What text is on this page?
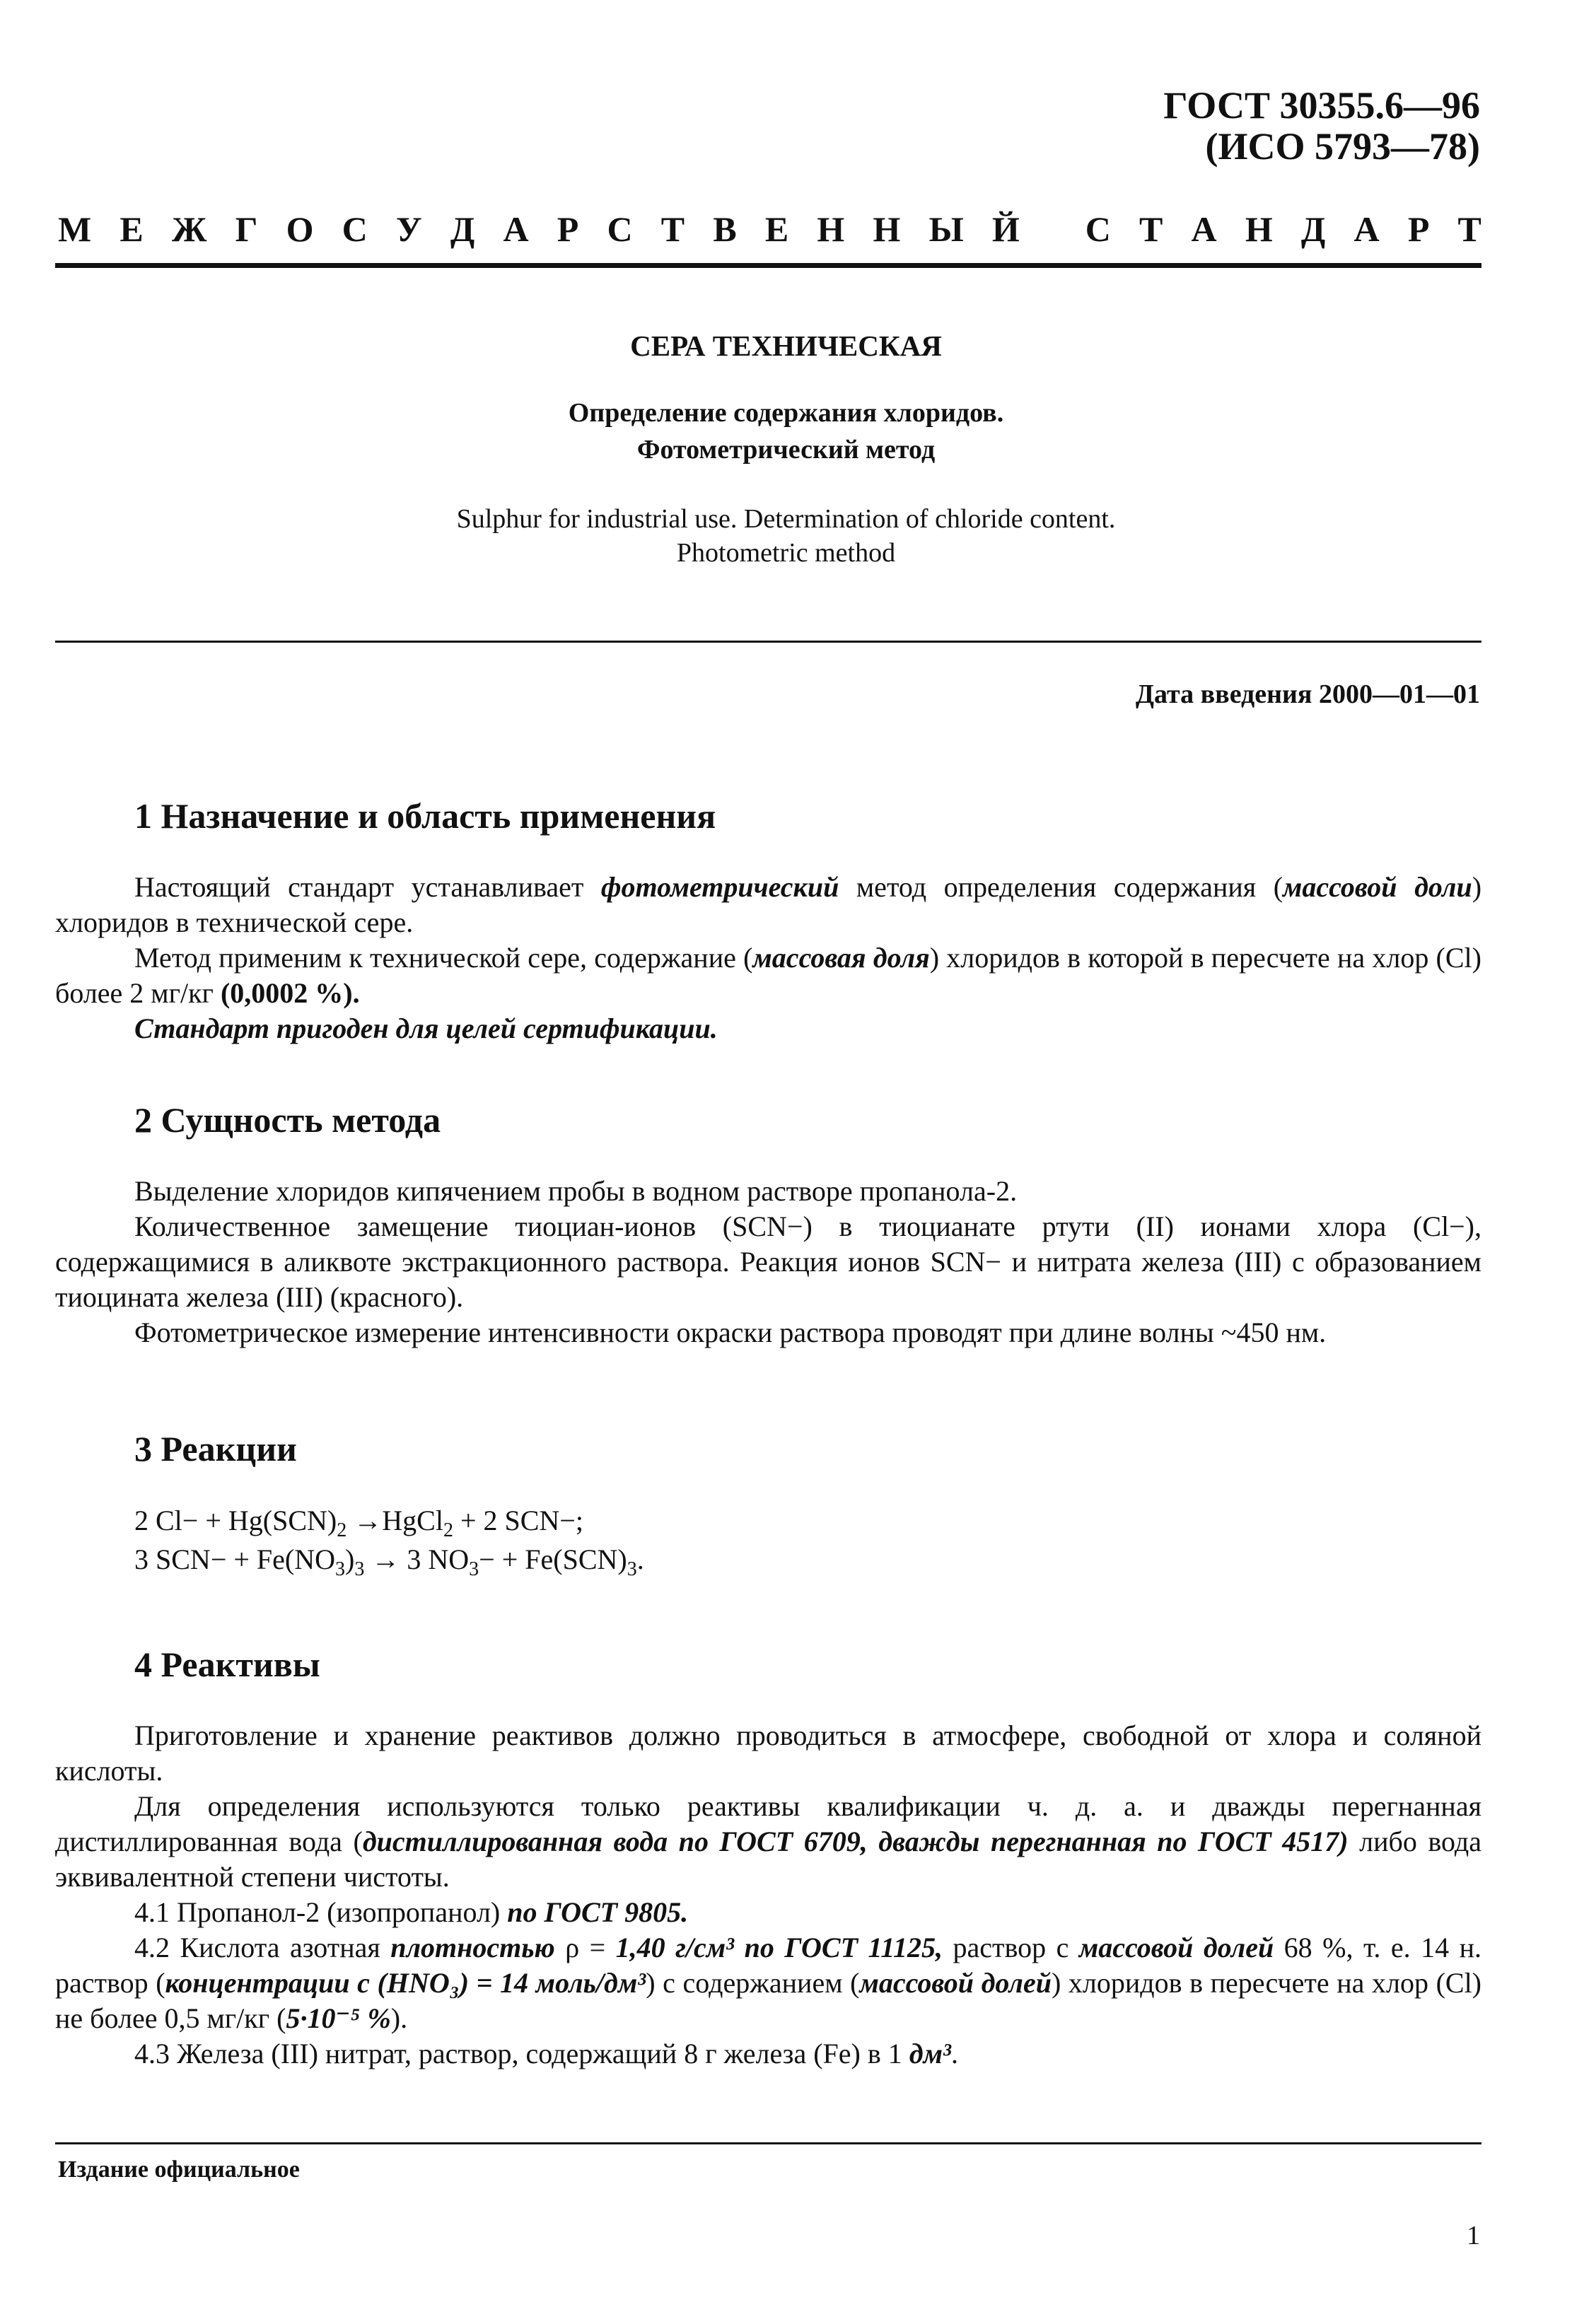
ГОСТ 30355.6—96
(ИСО 5793—78)
М Е Ж Г О С У Д А Р С Т В Е Н Н Ы Й
С Т А Н Д А Р Т
СЕРА ТЕХНИЧЕСКАЯ
Определение содержания хлоридов.
Фотометрический метод
Sulphur for industrial use. Determination of chloride content.
Photometric method
Дата введения 2000—01—01
1 Назначение и область применения

Настоящий стандарт устанавливает фотометрический метод определения содержания (массовой доли) хлоридов в технической сере.

Метод применим к технической сере, содержание (массовая доля) хлоридов в которой в пересчете на хлор (Cl) более 2 мг/кг (0,0002 %).

Стандарт пригоден для целей сертификации.

2 Сущность метода

Выделение хлоридов кипячением пробы в водном растворе пропанола-2.

Количественное замещение тиоциан-ионов (SCN−) в тиоцианате ртути (II) ионами хлора (Cl−), содержащимися в аликвоте экстракционного раствора. Реакция ионов SCN− и нитрата железа (III) с образованием тиоцината железа (III) (красного).

Фотометрическое измерение интенсивности окраски раствора проводят при длине волны ~450 нм.

3 Реакции
2 $Cl- + Hg(SCN)_2$ →HgCl$_2$ + 2 SCN−;
3 $SCN- + Fe(NO_3)_3 \to 3$ $NO_3- + Fe(SCN)_3$.
4 Реактивы

Приготовление и хранение реактивов должно проводиться в атмосфере, свободной от хлора и соляной кислоты.

Для определения используются только реактивы квалификации ч. д. а. и дважды перегнанная дистиллированная вода (дистиллированная вода по ГОСТ 6709, дважды перегнанная по ГОСТ 4517) либо вода эквивалентной степени чистоты.

4.1 Пропанол-2 (изопропанол) по ГОСТ 9805.

4.2 Кислота азотная плотностью ρ = 1,40 г/см³ по ГОСТ 11125, раствор с массовой долей 68 %, т. е. 14 н. раствор (концентрации с (HNO₃) = 14 моль/дм³) с содержанием (массовой долей) хлоридов в пересчете на хлор (Cl) не более 0,5 мг/кг (5·10⁻⁵ %).

4.3 Железа (III) нитрат, раствор, содержащий 8 г железа (Fe) в 1 дм³.

Издание официальное
1
